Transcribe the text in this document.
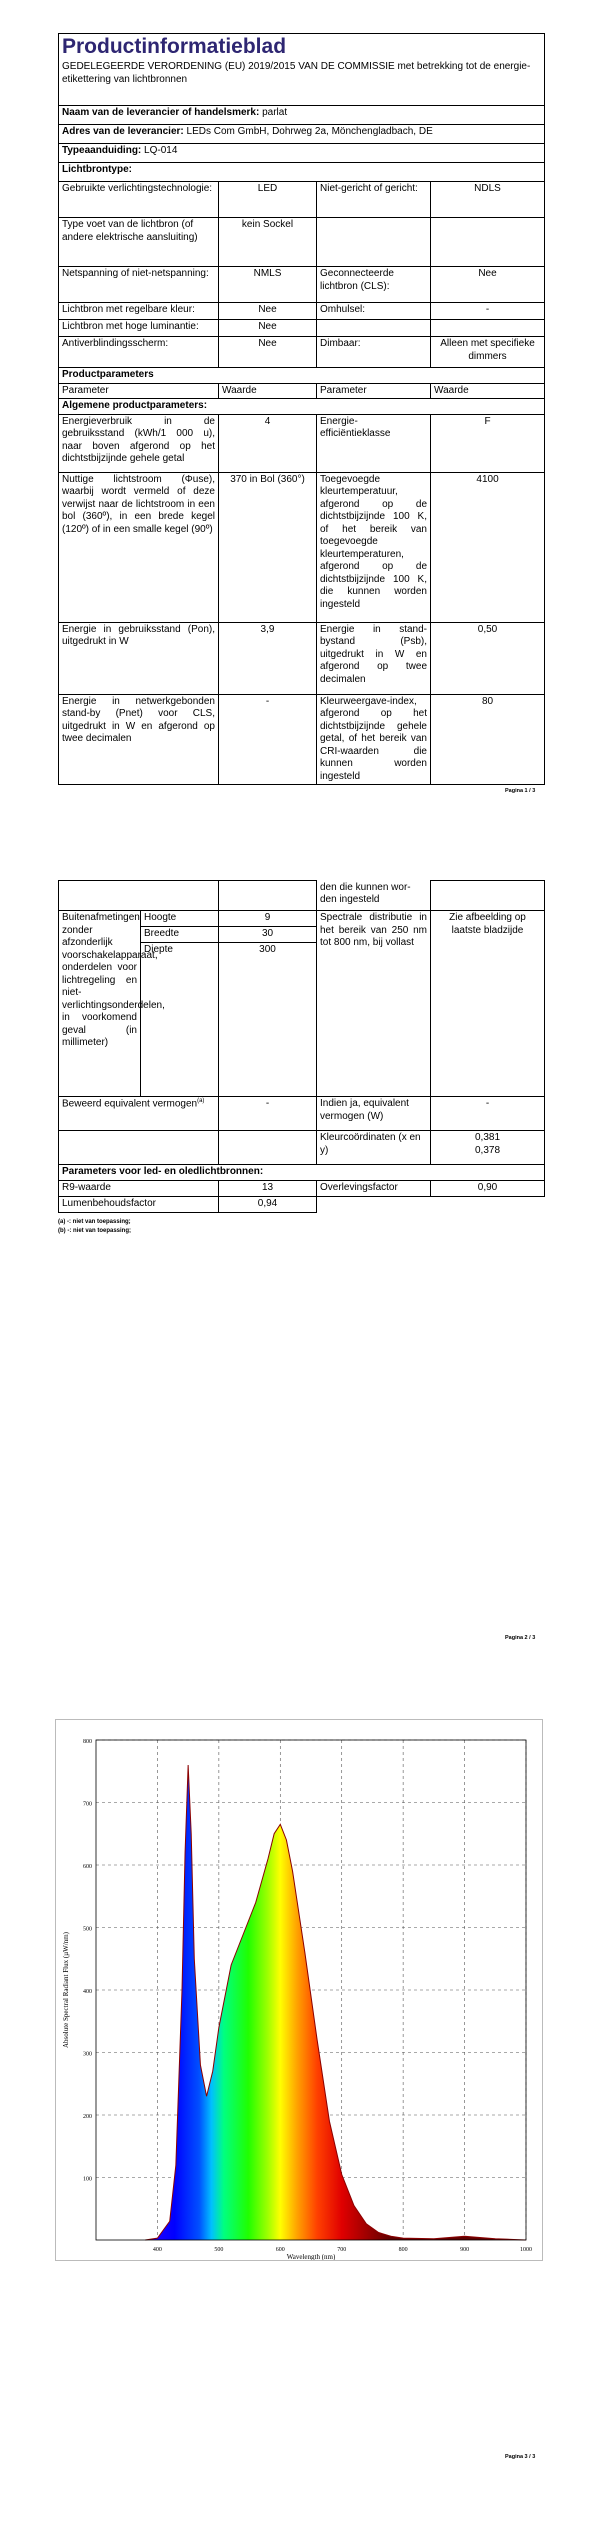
Productinformatieblad
GEDELEGEERDE VERORDENING (EU) 2019/2015 VAN DE COMMISSIE met betrekking tot de energie-etikettering van lichtbronnen			

Naam van de leverancier of handelsmerk: parlat			
Adres van de leverancier: LEDs Com GmbH, Dohrweg 2a, Mönchengladbach, DE			
Typeaanduiding: LQ-014			
Lichtbrontype:			
Gebruikte verlichtingstechnologie:	LED	Niet-gericht of gericht:	NDLS
Type voet van de lichtbron (of andere elektrische aansluiting)	kein Sockel		
Netspanning of niet-netspanning:	NMLS	Geconnecteerde lichtbron (CLS):	Nee
Lichtbron met regelbare kleur:	Nee	Omhulsel:	-
Lichtbron met hoge luminantie:	Nee		
Antiverblindingsscherm:	Nee	Dimbaar:	Alleen met specifieke dimmers
Productparameters			
Parameter	Waarde	Parameter	Waarde
Algemene productparameters:			
Energieverbruik in de gebruiksstand (kWh/1 000 u), naar boven afgerond op het dichtstbijzijnde gehele getal	4	Energie-efficiëntieklasse	F
Nuttige lichtstroom (Φuse), waarbij wordt vermeld of deze verwijst naar de lichtstroom in een bol (360º), in een brede kegel (120º) of in een smalle kegel (90º)	370 in Bol (360°)	Toegevoegde kleurtemperatuur, afgerond op de dichtstbijzijnde 100 K, of het bereik van toegevoegde kleurtemperaturen, afgerond op de dichtstbijzijnde 100 K, die kunnen worden ingesteld	4100
Energie in gebruiksstand (Pon), uitgedrukt in W	3,9	Energie in stand-bystand (Psb), uitgedrukt in W en afgerond op twee decimalen	0,50
Energie in netwerkgebonden stand-by (Pnet) voor CLS, uitgedrukt in W en afgerond op twee decimalen	-	Kleurweergave-index, afgerond op het dichtstbijzijnde gehele getal, of het bereik van CRI-waarden die kunnen worden ingesteld	80
Pagina 1 / 3
			den die kunnen wor-
den ingesteld	
Buitenafmetingen zonder afzonderlijk voorschakelapparaat, onderdelen voor lichtregeling en niet-verlichtingsonderdelen, in voorkomend geval (in millimeter)	Hoogte	9	Spectrale distributie in het bereik van 250 nm tot 800 nm, bij vollast	Zie afbeelding op laatste bladzijde
	Breedte	30		
	Diepte	300		
Beweerd equivalent vermogen$^{(a)}$		-	Indien ja, equivalent vermogen (W)	-
			Kleurcoördinaten (x en y)	0,381
0,378

Parameters voor led- en oledlichtbronnen:				
R9-waarde		13	Overlevingsfactor	0,90
Lumenbehoudsfactor		0,94		
(a) -: niet van toepassing;
(b) -: niet van toepassing;
Pagina 2 / 3
100
200
300
400
500
600
700
800
400	500	600	700	800	900	1000
Wavelength (nm)
Absolute Spectral Radiant Flux (µW/nm)
Pagina 3 / 3
